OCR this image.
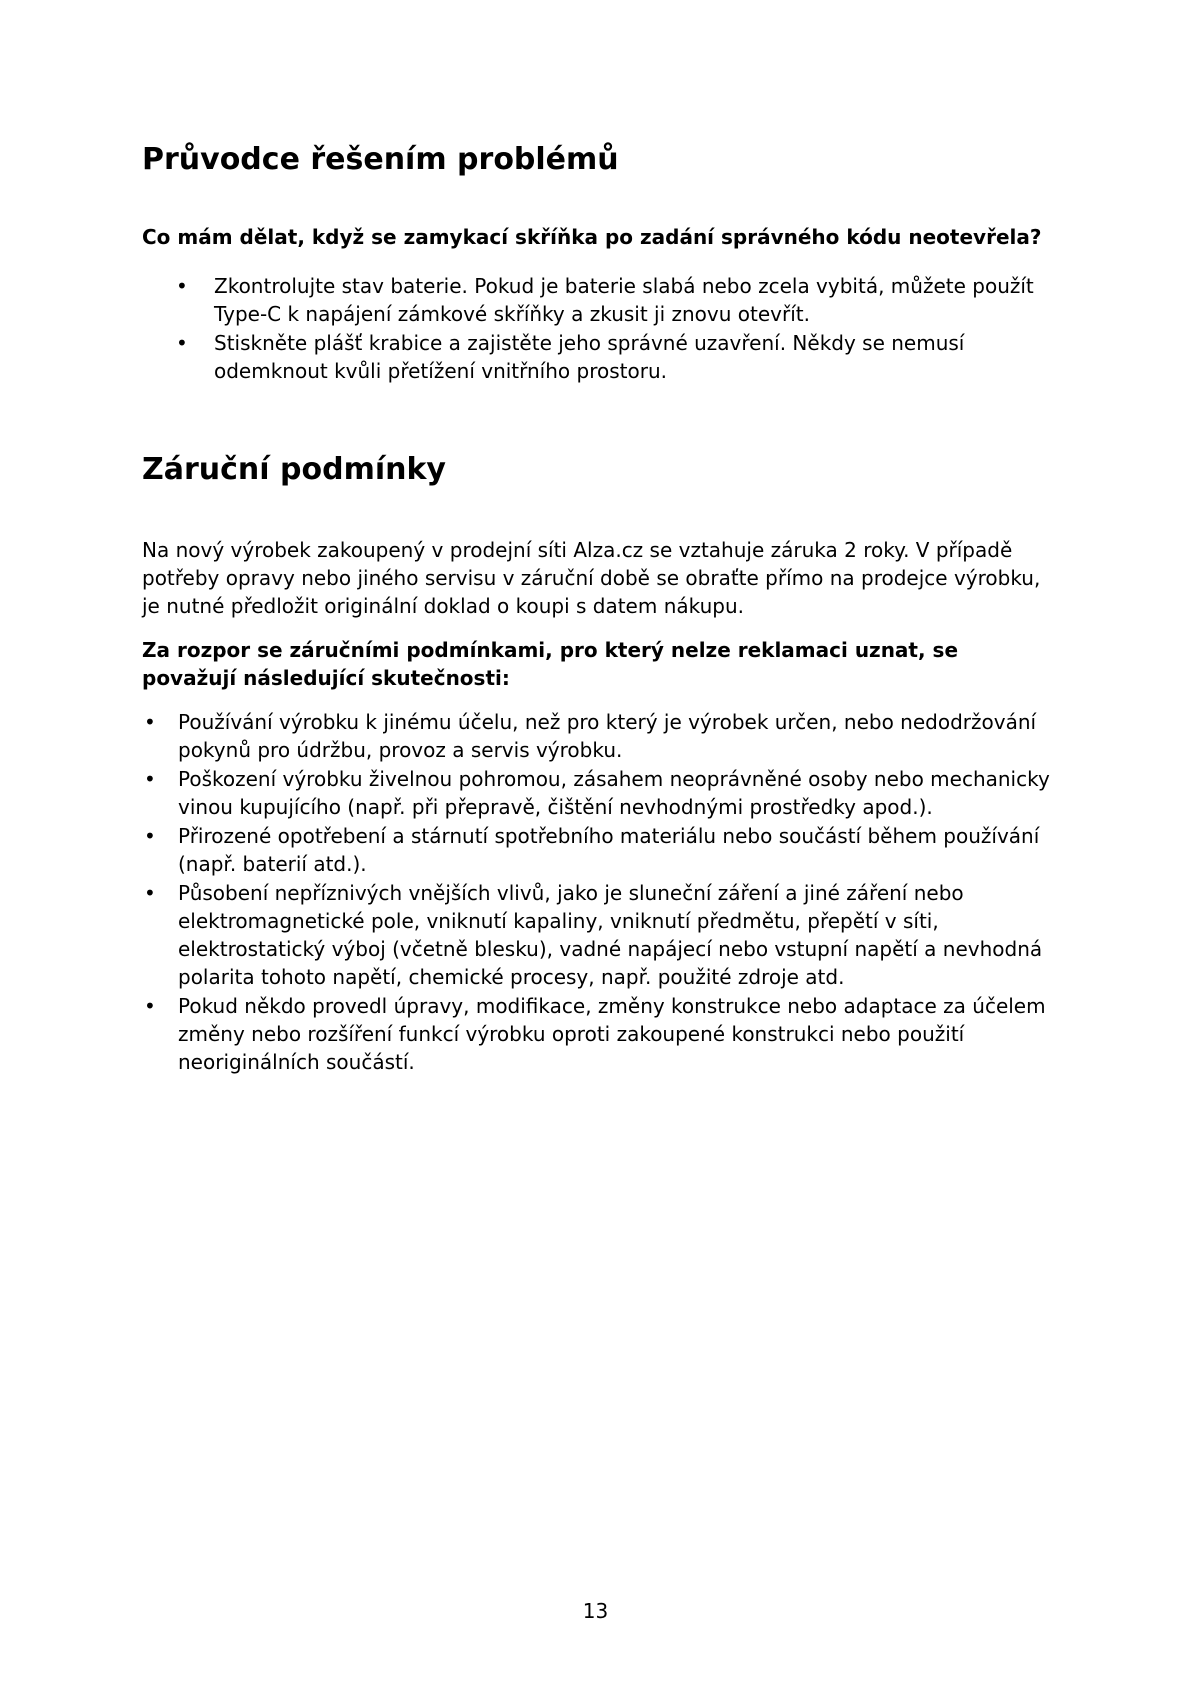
Průvodce řešením problémů

Co mám dělat, když se zamykací skříňka po zadání správného kódu neotevřela?

• Zkontrolujte stav baterie. Pokud je baterie slabá nebo zcela vybitá, můžete použít
Type-C k napájení zámkové skříňky a zkusit ji znovu otevřít.
• Stiskněte plášť krabice a zajistěte jeho správné uzavření. Někdy se nemusí
odemknout kvůli přetížení vnitřního prostoru.
Záruční podmínky
Na nový výrobek zakoupený v prodejní síti Alza.cz se vztahuje záruka 2 roky. V případě
potřeby opravy nebo jiného servisu v záruční době se obraťte přímo na prodejce výrobku,
je nutné předložit originální doklad o koupi s datem nákupu.
Za rozpor se záručními podmínkami, pro který nelze reklamaci uznat, se
považují následující skutečnosti:
• Používání výrobku k jinému účelu, než pro který je výrobek určen, nebo nedodržování
pokynů pro údržbu, provoz a servis výrobku.
• Poškození výrobku živelnou pohromou, zásahem neoprávněné osoby nebo mechanicky
vinou kupujícího (např. při přepravě, čištění nevhodnými prostředky apod.).
• Přirozené opotřebení a stárnutí spotřebního materiálu nebo součástí během používání
(např. baterií atd.).
• Působení nepříznivých vnějších vlivů, jako je sluneční záření a jiné záření nebo
elektromagnetické pole, vniknutí kapaliny, vniknutí předmětu, přepětí v síti,
elektrostatický výboj (včetně blesku), vadné napájecí nebo vstupní napětí a nevhodná
polarita tohoto napětí, chemické procesy, např. použité zdroje atd.
• Pokud někdo provedl úpravy, modifikace, změny konstrukce nebo adaptace za účelem
změny nebo rozšíření funkcí výrobku oproti zakoupené konstrukci nebo použití
neoriginálních součástí.
13
